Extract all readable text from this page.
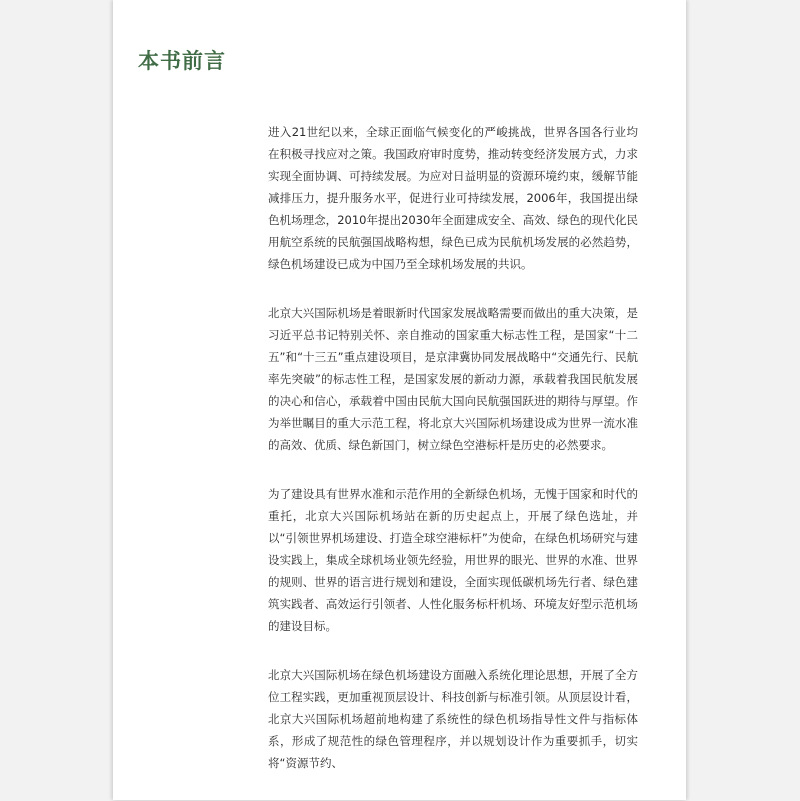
本书前言

进入21世纪以来，全球正面临气候变化的严峻挑战，世界各国各行业均在积极寻找应对之策。我国政府审时度势，推动转变经济发展方式，力求实现全面协调、可持续发展。为应对日益明显的资源环境约束，缓解节能减排压力，提升服务水平，促进行业可持续发展，2006年，我国提出绿色机场理念，2010年提出2030年全面建成安全、高效、绿色的现代化民用航空系统的民航强国战略构想，绿色已成为民航机场发展的必然趋势，绿色机场建设已成为中国乃至全球机场发展的共识。

北京大兴国际机场是着眼新时代国家发展战略需要而做出的重大决策，是习近平总书记特别关怀、亲自推动的国家重大标志性工程，是国家“十二五”和“十三五”重点建设项目，是京津冀协同发展战略中“交通先行、民航率先突破”的标志性工程，是国家发展的新动力源，承载着我国民航发展的决心和信心，承载着中国由民航大国向民航强国跃进的期待与厚望。作为举世瞩目的重大示范工程，将北京大兴国际机场建设成为世界一流水准的高效、优质、绿色新国门，树立绿色空港标杆是历史的必然要求。

为了建设具有世界水准和示范作用的全新绿色机场，无愧于国家和时代的重托，北京大兴国际机场站在新的历史起点上，开展了绿色选址，并以“引领世界机场建设、打造全球空港标杆”为使命，在绿色机场研究与建设实践上，集成全球机场业领先经验，用世界的眼光、世界的水准、世界的规则、世界的语言进行规划和建设，全面实现低碳机场先行者、绿色建筑实践者、高效运行引领者、人性化服务标杆机场、环境友好型示范机场的建设目标。

北京大兴国际机场在绿色机场建设方面融入系统化理论思想，开展了全方位工程实践，更加重视顶层设计、科技创新与标准引领。从顶层设计看，北京大兴国际机场超前地构建了系统性的绿色机场指导性文件与指标体系，形成了规范性的绿色管理程序，并以规划设计作为重要抓手，切实将“资源节约、
